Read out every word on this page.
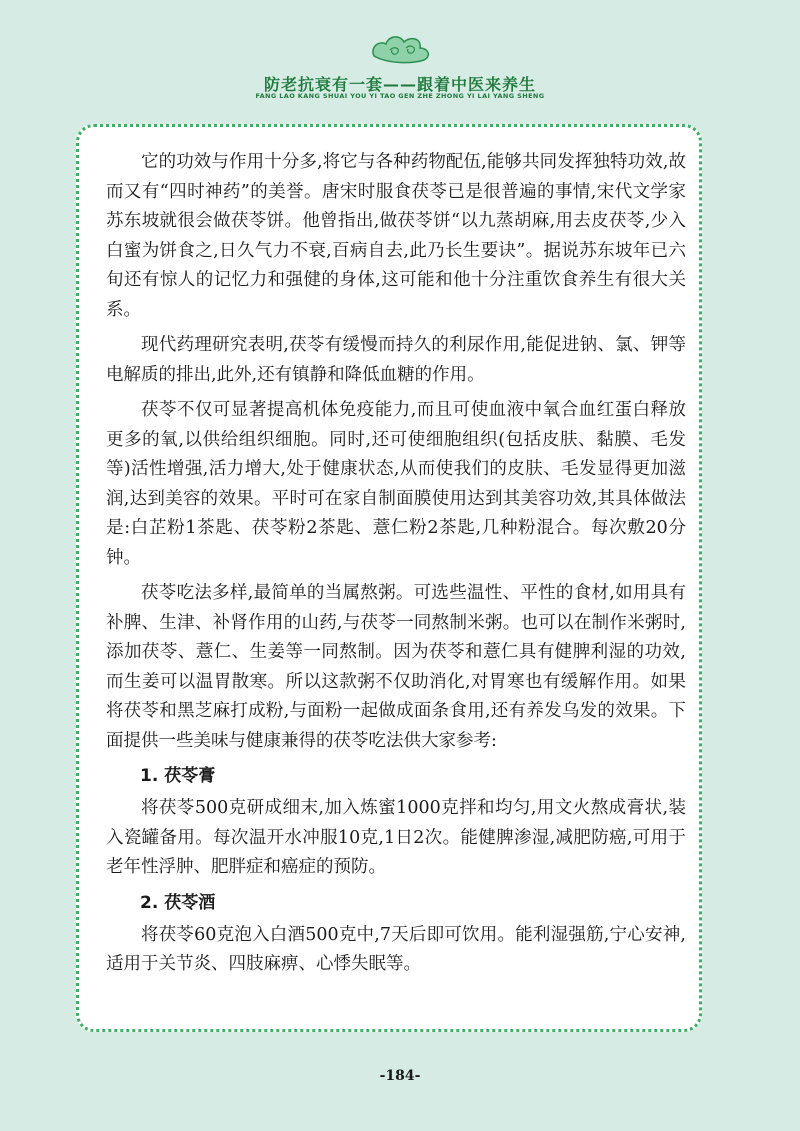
防老抗衰有一套——跟着中医来养生
FANG LAO KANG SHUAI YOU YI TAO GEN ZHE ZHONG YI LAI YANG SHENG

它的功效与作用十分多,将它与各种药物配伍,能够共同发挥独特功效,故而又有“四时神药”的美誉。唐宋时服食茯苓已是很普遍的事情,宋代文学家苏东坡就很会做茯苓饼。他曾指出,做茯苓饼“以九蒸胡麻,用去皮茯苓,少入白蜜为饼食之,日久气力不衰,百病自去,此乃长生要诀”。据说苏东坡年已六旬还有惊人的记忆力和强健的身体,这可能和他十分注重饮食养生有很大关系。

现代药理研究表明,茯苓有缓慢而持久的利尿作用,能促进钠、氯、钾等电解质的排出,此外,还有镇静和降低血糖的作用。

茯苓不仅可显著提高机体免疫能力,而且可使血液中氧合血红蛋白释放更多的氧,以供给组织细胞。同时,还可使细胞组织(包括皮肤、黏膜、毛发等)活性增强,活力增大,处于健康状态,从而使我们的皮肤、毛发显得更加滋润,达到美容的效果。平时可在家自制面膜使用达到其美容功效,其具体做法是:白芷粉1茶匙、茯苓粉2茶匙、薏仁粉2茶匙,几种粉混合。每次敷20分钟。

茯苓吃法多样,最简单的当属熬粥。可选些温性、平性的食材,如用具有补脾、生津、补肾作用的山药,与茯苓一同熬制米粥。也可以在制作米粥时,添加茯苓、薏仁、生姜等一同熬制。因为茯苓和薏仁具有健脾利湿的功效,而生姜可以温胃散寒。所以这款粥不仅助消化,对胃寒也有缓解作用。如果将茯苓和黑芝麻打成粉,与面粉一起做成面条食用,还有养发乌发的效果。下面提供一些美味与健康兼得的茯苓吃法供大家参考:

1. 茯苓膏

将茯苓500克研成细末,加入炼蜜1000克拌和均匀,用文火熬成膏状,装入瓷罐备用。每次温开水冲服10克,1日2次。能健脾渗湿,减肥防癌,可用于老年性浮肿、肥胖症和癌症的预防。

2. 茯苓酒

将茯苓60克泡入白酒500克中,7天后即可饮用。能利湿强筋,宁心安神,适用于关节炎、四肢麻痹、心悸失眠等。

-184-
